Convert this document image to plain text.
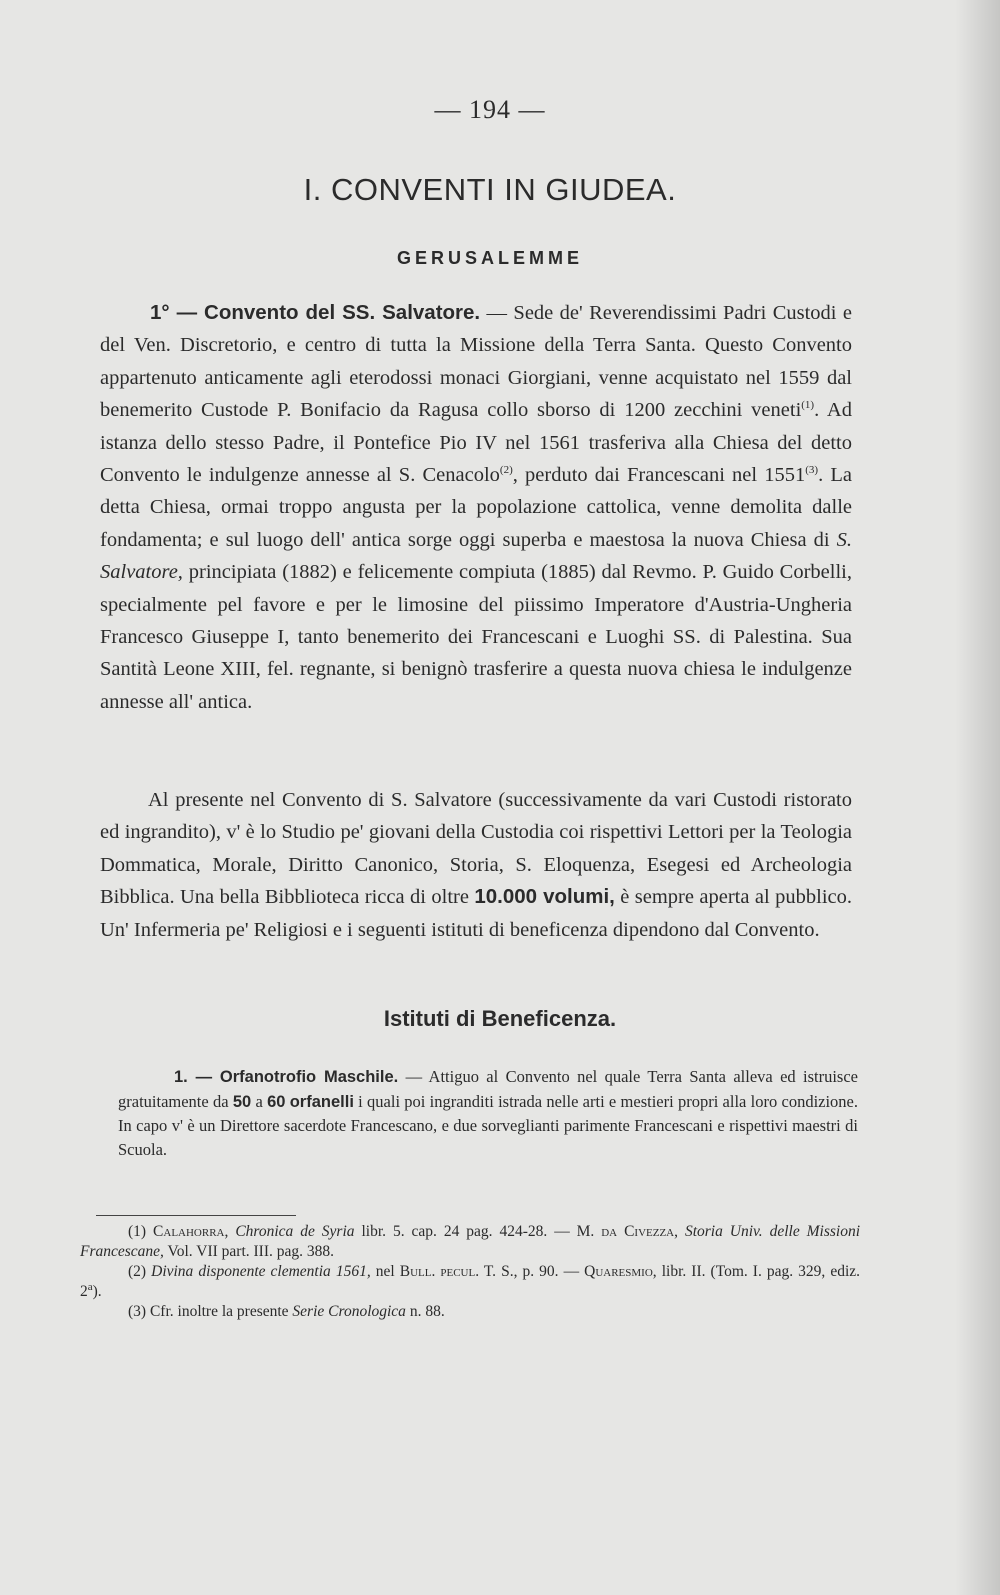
— 194 —
I. CONVENTI IN GIUDEA.
GERUSALEMME
1° — Convento del SS. Salvatore. — Sede de' Reverendissimi Padri Custodi e del Ven. Discretorio, e centro di tutta la Missione della Terra Santa. Questo Convento appartenuto anticamente agli eterodossi monaci Giorgiani, venne acquistato nel 1559 dal benemerito Custode P. Bonifacio da Ragusa collo sborso di 1200 zecchini veneti$^{(1)}$. Ad istanza dello stesso Padre, il Pontefice Pio IV nel 1561 trasferiva alla Chiesa del detto Convento le indulgenze annesse al S. Cenacolo$^{(2)}$, perduto dai Francescani nel 1551$^{(3)}$. La detta Chiesa, ormai troppo angusta per la popolazione cattolica, venne demolita dalle fondamenta; e sul luogo dell' antica sorge oggi superba e maestosa la nuova Chiesa di S. Salvatore, principiata (1882) e felicemente compiuta (1885) dal Revmo. P. Guido Corbelli, specialmente pel favore e per le limosine del piissimo Imperatore d'Austria-Ungheria Francesco Giuseppe I, tanto benemerito dei Francescani e Luoghi SS. di Palestina. Sua Santità Leone XIII, fel. regnante, si benignò trasferire a questa nuova chiesa le indulgenze annesse all' antica.
Al presente nel Convento di S. Salvatore (successivamente da vari Custodi ristorato ed ingrandito), v' è lo Studio pe' giovani della Custodia coi rispettivi Lettori per la Teologia Dommatica, Morale, Diritto Canonico, Storia, S. Eloquenza, Esegesi ed Archeologia Bibblica. Una bella Bibblioteca ricca di oltre 10.000 volumi, è sempre aperta al pubblico. Un' Infermeria pe' Religiosi e i seguenti istituti di beneficenza dipendono dal Convento.
Istituti di Beneficenza.
1. — Orfanotrofio Maschile. — Attiguo al Convento nel quale Terra Santa alleva ed istruisce gratuitamente da 50 a 60 orfanelli i quali poi ingranditi istrada nelle arti e mestieri propri alla loro condizione. In capo v' è un Direttore sacerdote Francescano, e due sorveglianti parimente Francescani e rispettivi maestri di Scuola.
(1) Calahorra, Chronica de Syria libr. 5. cap. 24 pag. 424-28. — M. da Civezza, Storia Univ. delle Missioni Francescane, Vol. VII part. III. pag. 388.
(2) Divina disponente clementia 1561, nel Bull. pecul. T. S., p. 90. — Quaresmio, libr. II. (Tom. I. pag. 329, ediz. 2$^a$).
(3) Cfr. inoltre la presente Serie Cronologica n. 88.
